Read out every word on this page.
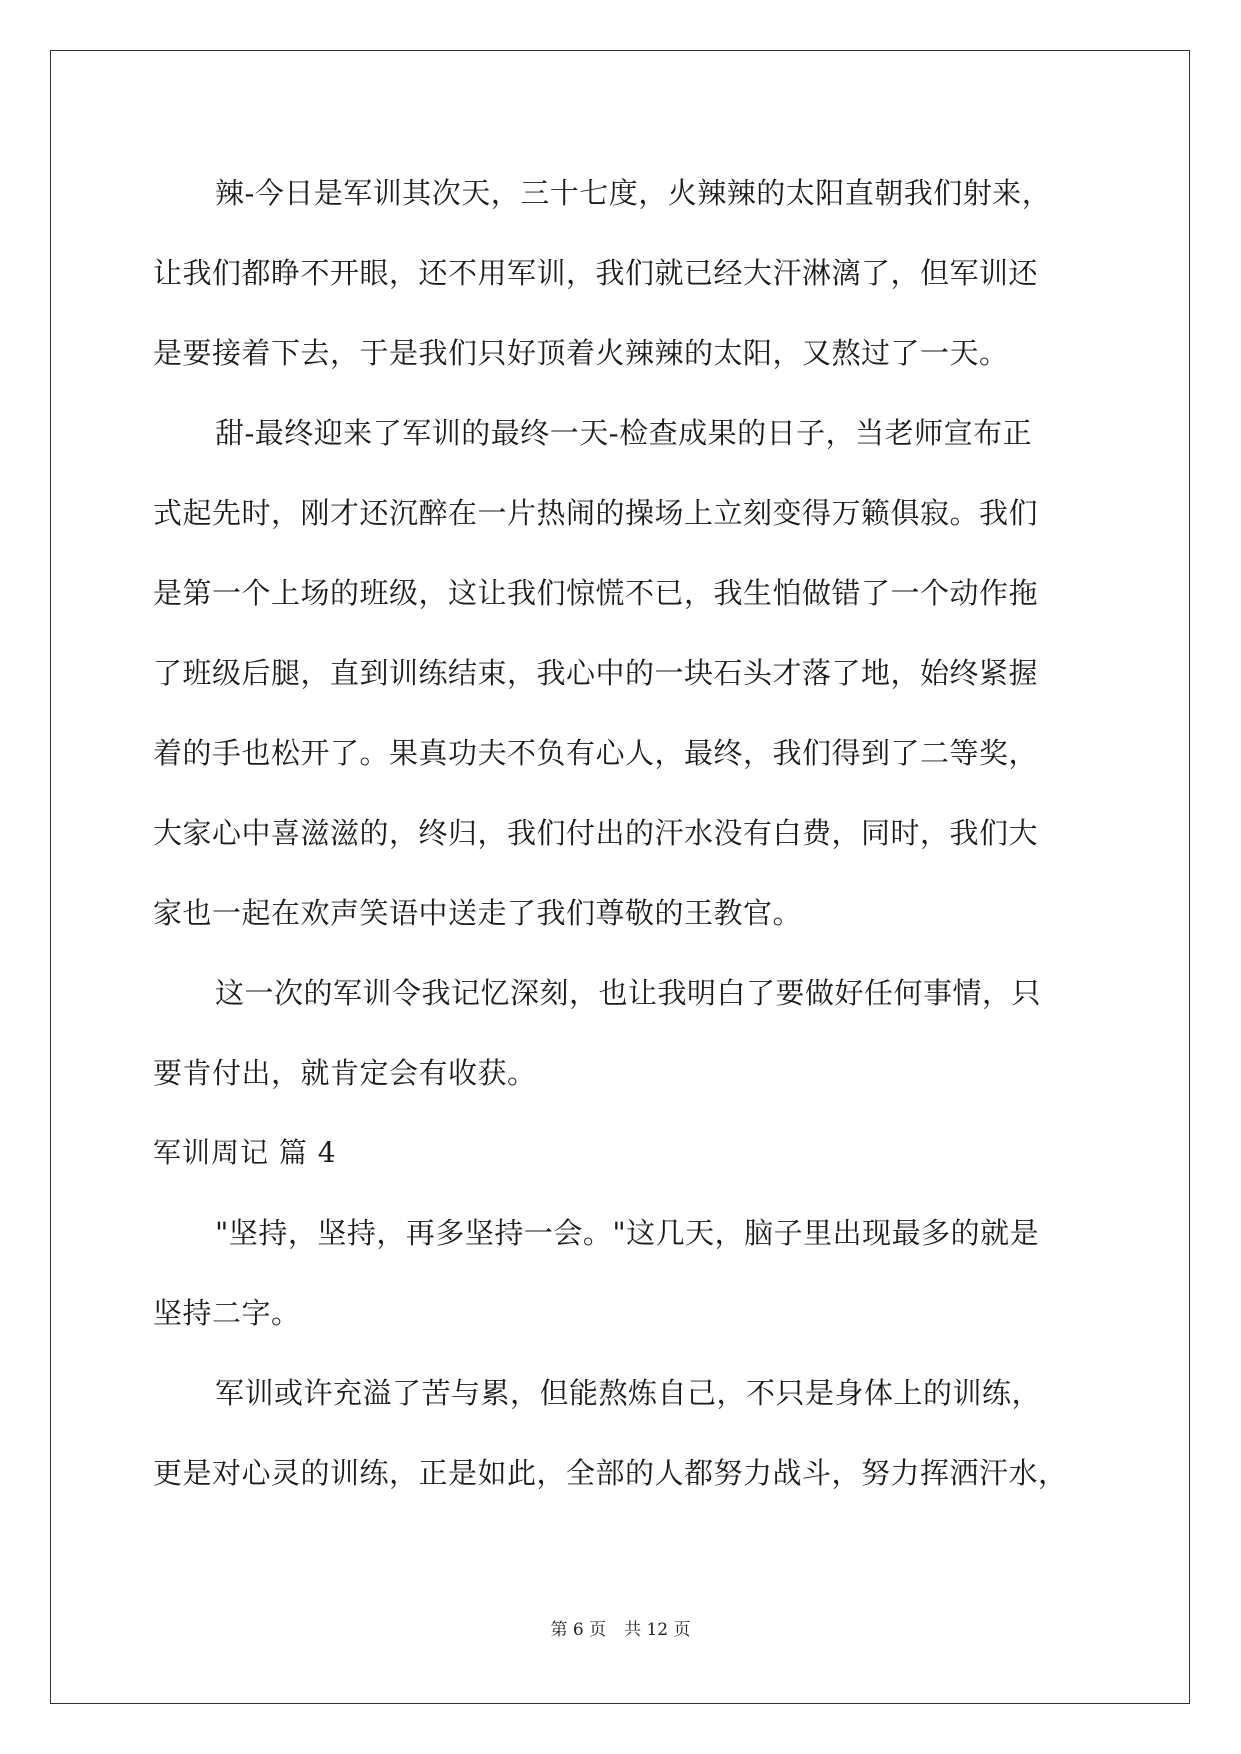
辣-今日是军训其次天，三十七度，火辣辣的太阳直朝我们射来，
让我们都睁不开眼，还不用军训，我们就已经大汗淋漓了，但军训还
是要接着下去，于是我们只好顶着火辣辣的太阳，又熬过了一天。
甜-最终迎来了军训的最终一天-检查成果的日子，当老师宣布正
式起先时，刚才还沉醉在一片热闹的操场上立刻变得万籁俱寂。我们
是第一个上场的班级，这让我们惊慌不已，我生怕做错了一个动作拖
了班级后腿，直到训练结束，我心中的一块石头才落了地，始终紧握
着的手也松开了。果真功夫不负有心人，最终，我们得到了二等奖，
大家心中喜滋滋的，终归，我们付出的汗水没有白费，同时，我们大
家也一起在欢声笑语中送走了我们尊敬的王教官。
这一次的军训令我记忆深刻，也让我明白了要做好任何事情，只
要肯付出，就肯定会有收获。
军训周记 篇 4
"坚持，坚持，再多坚持一会。"这几天，脑子里出现最多的就是
坚持二字。
军训或许充溢了苦与累，但能熬炼自己，不只是身体上的训练，
更是对心灵的训练，正是如此，全部的人都努力战斗，努力挥洒汗水，
第 6 页 共 12 页
